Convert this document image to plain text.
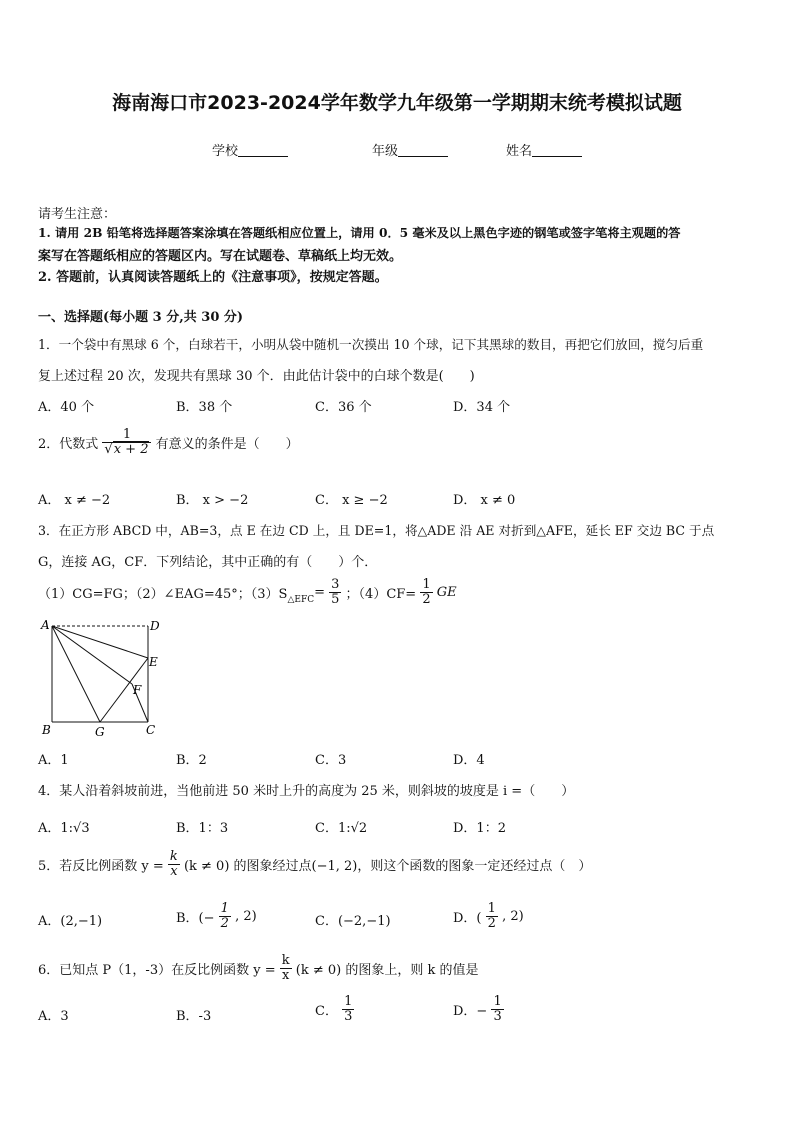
海南海口市2023-2024学年数学九年级第一学期期末统考模拟试题
学校	年级	姓名
请考生注意：
1. 请用 2B 铅笔将选择题答案涂填在答题纸相应位置上，请用 0．5 毫米及以上黑色字迹的钢笔或签字笔将主观题的答
案写在答题纸相应的答题区内。写在试题卷、草稿纸上均无效。
2. 答题前，认真阅读答题纸上的《注意事项》，按规定答题。
一、选择题(每小题 3 分,共 30 分)
1．一个袋中有黑球 6 个，白球若干，小明从袋中随机一次摸出 10 个球，记下其黑球的数目，再把它们放回，搅匀后重
复上述过程 20 次，发现共有黑球 30 个．由此估计袋中的白球个数是(　　)
A．40 个	B．38 个	C．36 个	D．34 个
2．代数式 $\frac{1}{√x + 2}$ 有意义的条件是（　　）
A． x ≠ −2	B． x > −2	C． x ≥ −2	D． x ≠ 0
3．在正方形 ABCD 中，AB=3，点 E 在边 CD 上，且 DE=1，将△ADE 沿 AE 对折到△AFE，延长 EF 交边 BC 于点
G，连接 AG，CF．下列结论，其中正确的有（　　）个．
（1）CG=FG；（2）∠EAG=45°；$(3)S_{\triangle EFC}= \frac{3}{5}$ ；$(4)CF= \frac{1}{2}$ GE
A	D
E
F
B	G	C
A．1	B．2	C．3	D．4
4．某人沿着斜坡前进，当他前进 50 米时上升的高度为 25 米，则斜坡的坡度是 i =（　　）
A．1:√3	B．1：3	C．1:√2	D．1：2
5．若反比例函数 $y = \frac{k}{x} (k \ne 0)$ 的图象经过点(−1, 2)，则这个函数的图象一定还经过点（　）
A．(2,−1)	B．(− $\frac{1}{2}$ , 2)	C．(−2,−1)	D．( $\frac{1}{2}$ , 2)
6．已知点 P（1，-3）在反比例函数 $y = \frac{k}{x} (k \ne 0)$ 的图象上，则 k 的值是
A．3	B．-3	C． $\frac{1}{3}$	D．− $\frac{1}{3}$
